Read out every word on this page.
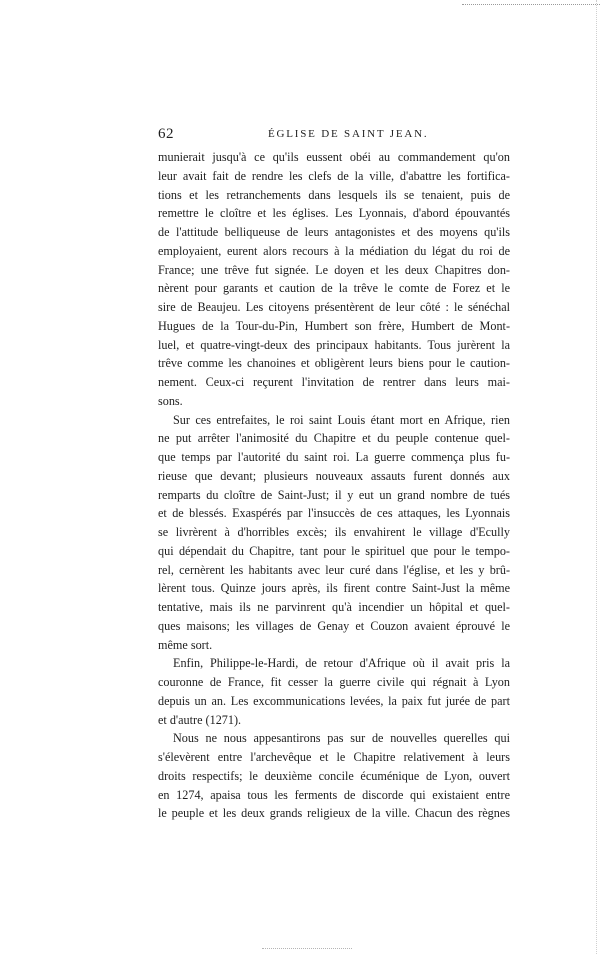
62	ÉGLISE DE SAINT JEAN.
munierait jusqu'à ce qu'ils eussent obéi au commandement qu'on
leur avait fait de rendre les clefs de la ville, d'abattre les fortifica-
tions et les retranchements dans lesquels ils se tenaient, puis de
remettre le cloître et les églises. Les Lyonnais, d'abord épouvantés
de l'attitude belliqueuse de leurs antagonistes et des moyens qu'ils
employaient, eurent alors recours à la médiation du légat du roi de
France; une trêve fut signée. Le doyen et les deux Chapitres don-
nèrent pour garants et caution de la trêve le comte de Forez et le
sire de Beaujeu. Les citoyens présentèrent de leur côté : le sénéchal
Hugues de la Tour-du-Pin, Humbert son frère, Humbert de Mont-
luel, et quatre-vingt-deux des principaux habitants. Tous jurèrent la
trêve comme les chanoines et obligèrent leurs biens pour le caution-
nement. Ceux-ci reçurent l'invitation de rentrer dans leurs mai-
sons.
Sur ces entrefaites, le roi saint Louis étant mort en Afrique, rien
ne put arrêter l'animosité du Chapitre et du peuple contenue quel-
que temps par l'autorité du saint roi. La guerre commença plus fu-
rieuse que devant; plusieurs nouveaux assauts furent donnés aux
remparts du cloître de Saint-Just; il y eut un grand nombre de tués
et de blessés. Exaspérés par l'insuccès de ces attaques, les Lyonnais
se livrèrent à d'horribles excès; ils envahirent le village d'Ecully
qui dépendait du Chapitre, tant pour le spirituel que pour le tempo-
rel, cernèrent les habitants avec leur curé dans l'église, et les y brû-
lèrent tous. Quinze jours après, ils firent contre Saint-Just la même
tentative, mais ils ne parvinrent qu'à incendier un hôpital et quel-
ques maisons; les villages de Genay et Couzon avaient éprouvé le
même sort.
Enfin, Philippe-le-Hardi, de retour d'Afrique où il avait pris la
couronne de France, fit cesser la guerre civile qui régnait à Lyon
depuis un an. Les excommunications levées, la paix fut jurée de part
et d'autre (1271).
Nous ne nous appesantirons pas sur de nouvelles querelles qui
s'élevèrent entre l'archevêque et le Chapitre relativement à leurs
droits respectifs; le deuxième concile écuménique de Lyon, ouvert
en 1274, apaisa tous les ferments de discorde qui existaient entre
le peuple et les deux grands religieux de la ville. Chacun des règnes
